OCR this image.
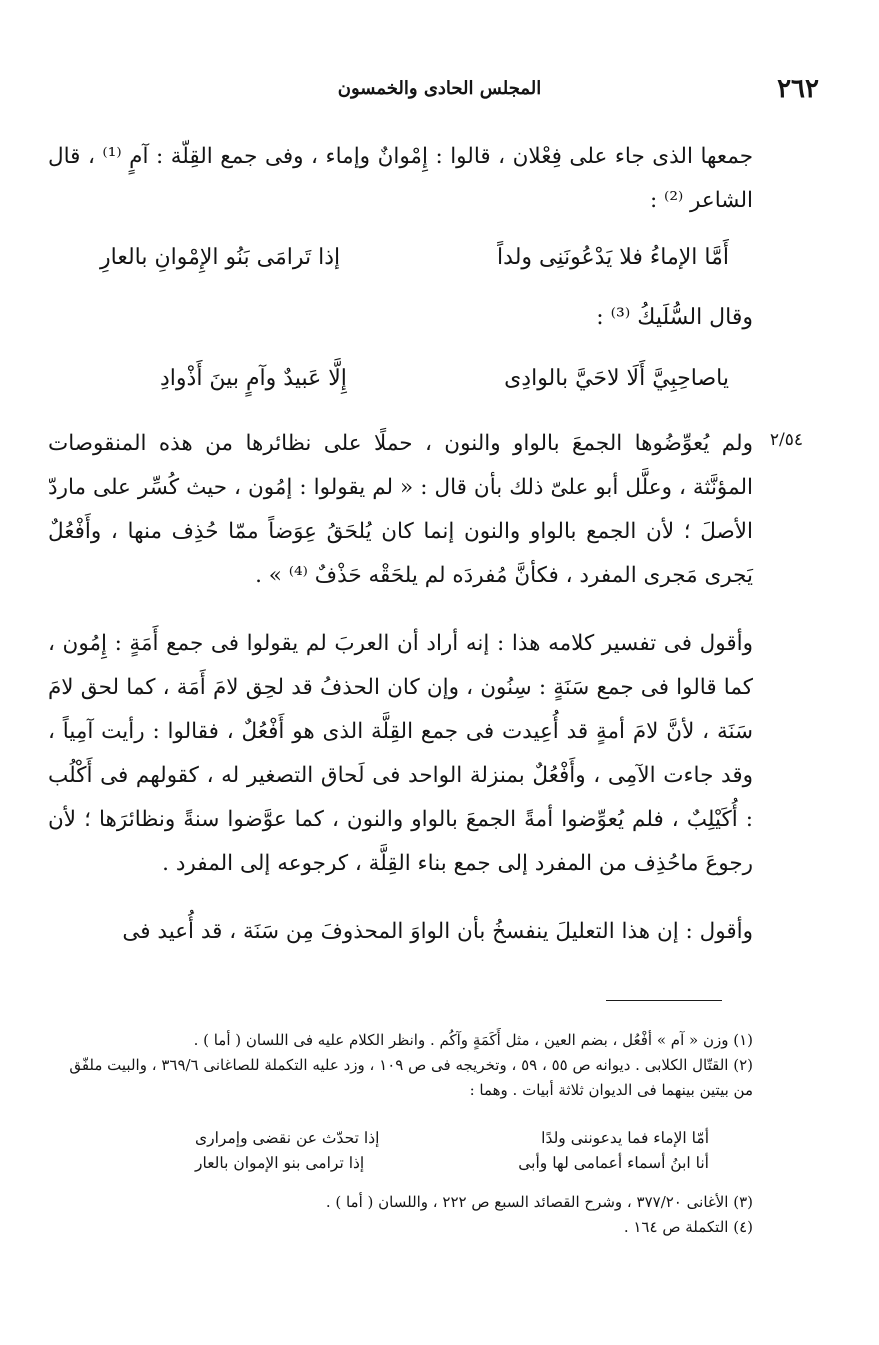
٢٦٢
المجلس الحادى والخمسون
جمعها الذى جاء على فِعْلان ، قالوا : إِمْوانٌ وإماء ، وفى جمع القِلّة : آمٍ ⁽¹⁾ ، قال الشاعر ⁽²⁾ :
أَمَّا الإماءُ فلا يَدْعُونَنِى ولداً
إذا تَرامَى بَنُو الإِمْوانِ بالعارِ
وقال السُّلَيكُ ⁽³⁾ :
ياصاحِبِيَّ أَلَا لاحَيَّ بالوادِى
إِلَّا عَبيدٌ وآمٍ بينَ أَذْوادِ
٢/٥٤
ولم يُعوِّضُوها الجمعَ بالواو والنون ، حملًا على نظائرها من هذه المنقوصات المؤنَّثة ، وعلَّل أبو علىّ ذلك بأن قال : « لم يقولوا : إمُون ، حيث كُسِّر على ماردّ الأصلَ ؛ لأن الجمع بالواو والنون إنما كان يُلحَقُ عِوَضاً ممّا حُذِف منها ، وأَفْعُلٌ يَجرى مَجرى المفرد ، فكأنَّ مُفردَه لم يلحَقْه حَذْفٌ ⁽⁴⁾ » .
وأقول فى تفسير كلامه هذا : إنه أراد أن العربَ لم يقولوا فى جمع أَمَةٍ : إِمُون ، كما قالوا فى جمع سَنَةٍ : سِنُون ، وإن كان الحذفُ قد لحِق لامَ أَمَة ، كما لحق لامَ سَنَة ، لأنَّ لامَ أمةٍ قد أُعِيدت فى جمع القِلَّة الذى هو أَفْعُلٌ ، فقالوا : رأيت آمِياً ، وقد جاءت الآمِى ، وأَفْعُلٌ بمنزلة الواحد فى لَحاق التصغير له ، كقولهم فى أَكْلُب : أُكَيْلِبٌ ، فلم يُعوِّضوا أمةً الجمعَ بالواو والنون ، كما عوَّضوا سنةً ونظائرَها ؛ لأن رجوعَ ماحُذِف من المفرد إلى جمع بناء القِلَّة ، كرجوعه إلى المفرد .
وأقول : إن هذا التعليلَ ينفسخُ بأن الواوَ المحذوفَ مِن سَنَة ، قد أُعيد فى

(١) وزن « آم » أفْعُل ، بضم العين ، مثل أَكَمَةٍ وآكُم . وانظر الكلام عليه فى اللسان ( أما ) .

(٢) القتّال الكلابى . ديوانه ص ٥٥ ، ٥٩ ، وتخريجه فى ص ١٠٩ ، وزد عليه التكملة للصاغانى ٣٦٩/٦ ، والبيت ملفّق من بيتين بينهما فى الديوان ثلاثة أبيات . وهما :

أمّا الإماء فما يدعوننى ولدًا
إذا تحدّث عن نقضى وإمرارى
أنا ابنُ أسماء أعمامى لها وأبى
إذا ترامى بنو الإموان بالعار

(٣) الأغانى ٣٧٧/٢٠ ، وشرح القصائد السبع ص ٢٢٢ ، واللسان ( أما ) .

(٤) التكملة ص ١٦٤ .
